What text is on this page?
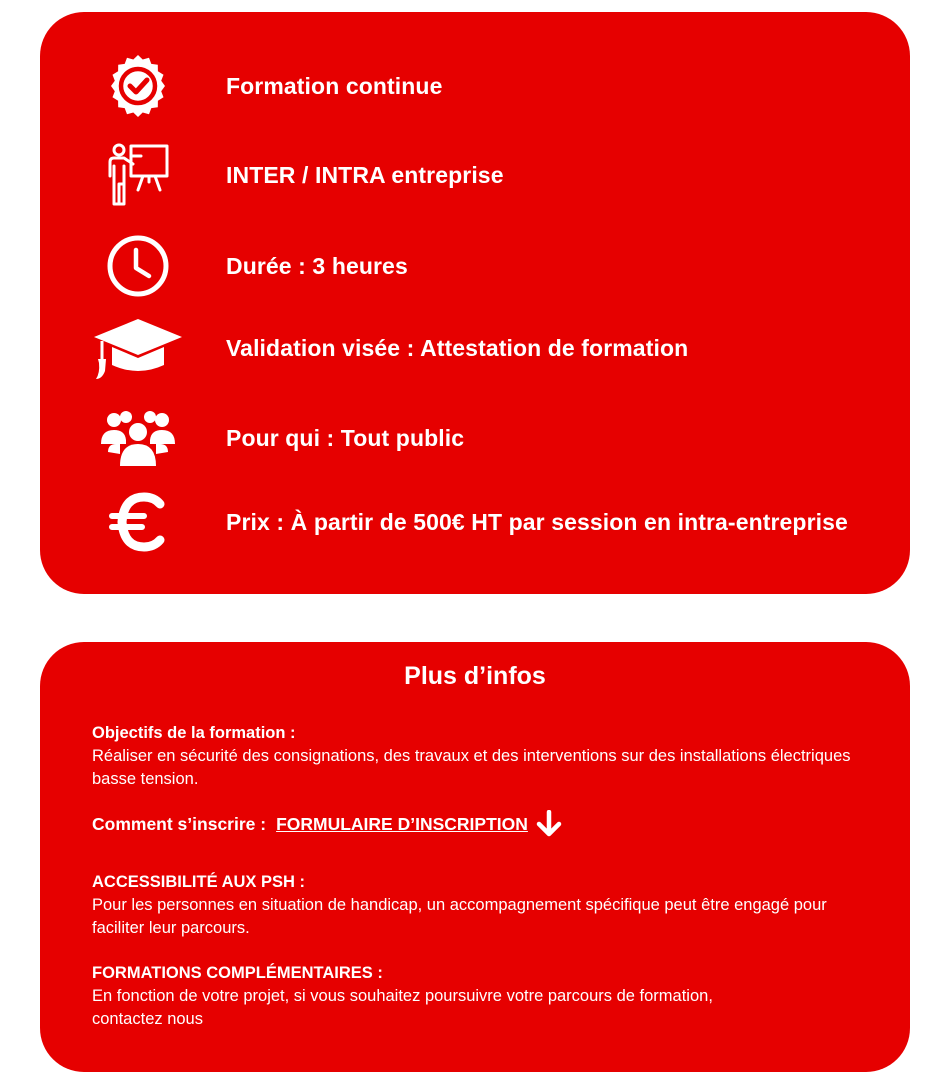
Formation continue
INTER / INTRA entreprise
Durée : 3 heures
Validation visée : Attestation de formation
Pour qui : Tout public
Prix : À partir de 500€ HT par session en intra-entreprise
Plus d’infos
Objectifs de la formation :
Réaliser en sécurité des consignations, des travaux et des interventions sur des installations électriques basse tension.
Comment s’inscrire : FORMULAIRE D’INSCRIPTION
ACCESSIBILITÉ AUX PSH :
Pour les personnes en situation de handicap, un accompagnement spécifique peut être engagé pour faciliter leur parcours.
FORMATIONS COMPLÉMENTAIRES :
En fonction de votre projet, si vous souhaitez poursuivre votre parcours de formation, contactez nous
